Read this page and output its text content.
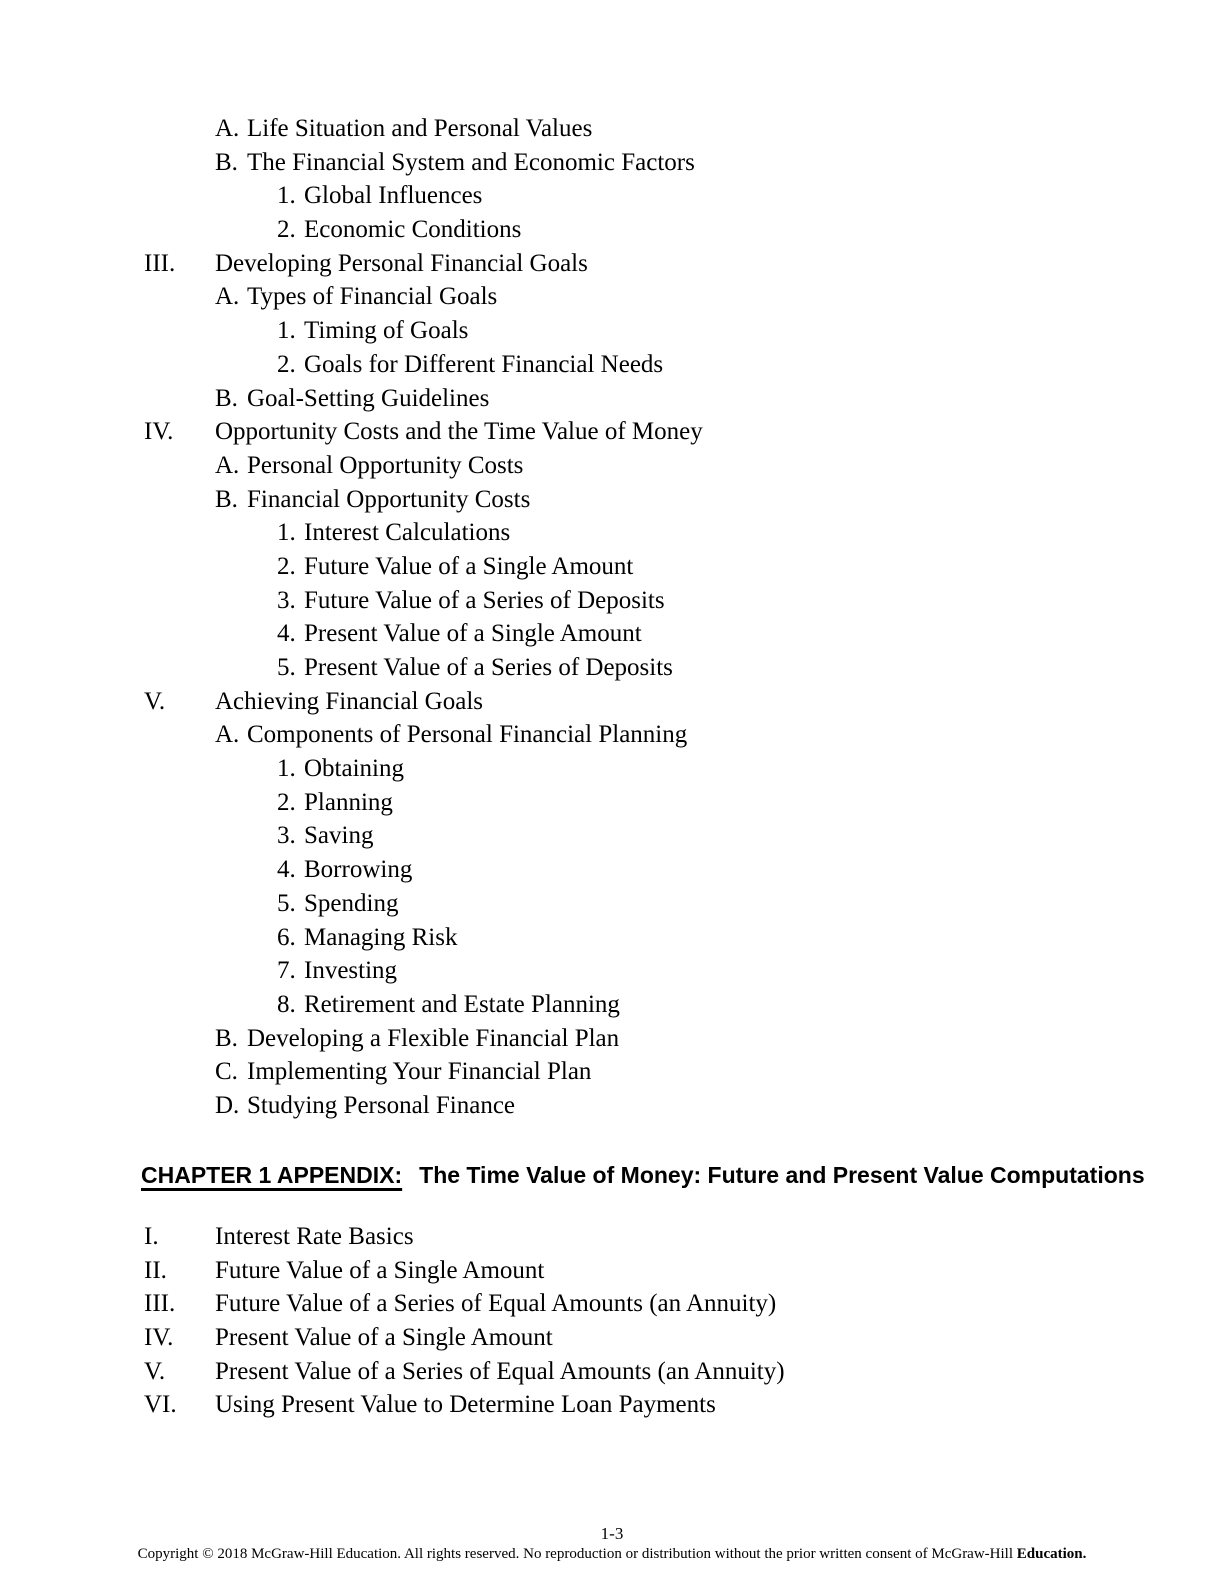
A. Life Situation and Personal Values
B. The Financial System and Economic Factors
1. Global Influences
2. Economic Conditions
III.	Developing Personal Financial Goals
A. Types of Financial Goals
1. Timing of Goals
2. Goals for Different Financial Needs
B. Goal-Setting Guidelines
IV.	Opportunity Costs and the Time Value of Money
A. Personal Opportunity Costs
B. Financial Opportunity Costs
1. Interest Calculations
2. Future Value of a Single Amount
3. Future Value of a Series of Deposits
4. Present Value of a Single Amount
5. Present Value of a Series of Deposits
V.	Achieving Financial Goals
A. Components of Personal Financial Planning
1. Obtaining
2. Planning
3. Saving
4. Borrowing
5. Spending
6. Managing Risk
7. Investing
8. Retirement and Estate Planning
B. Developing a Flexible Financial Plan
C. Implementing Your Financial Plan
D. Studying Personal Finance
CHAPTER 1 APPENDIX: The Time Value of Money: Future and Present Value Computations
I.	Interest Rate Basics
II.	Future Value of a Single Amount
III.	Future Value of a Series of Equal Amounts (an Annuity)
IV.	Present Value of a Single Amount
V.	Present Value of a Series of Equal Amounts (an Annuity)
VI.	Using Present Value to Determine Loan Payments
1-3
Copyright © 2018 McGraw-Hill Education. All rights reserved. No reproduction or distribution without the prior written consent of McGraw-Hill Education.
